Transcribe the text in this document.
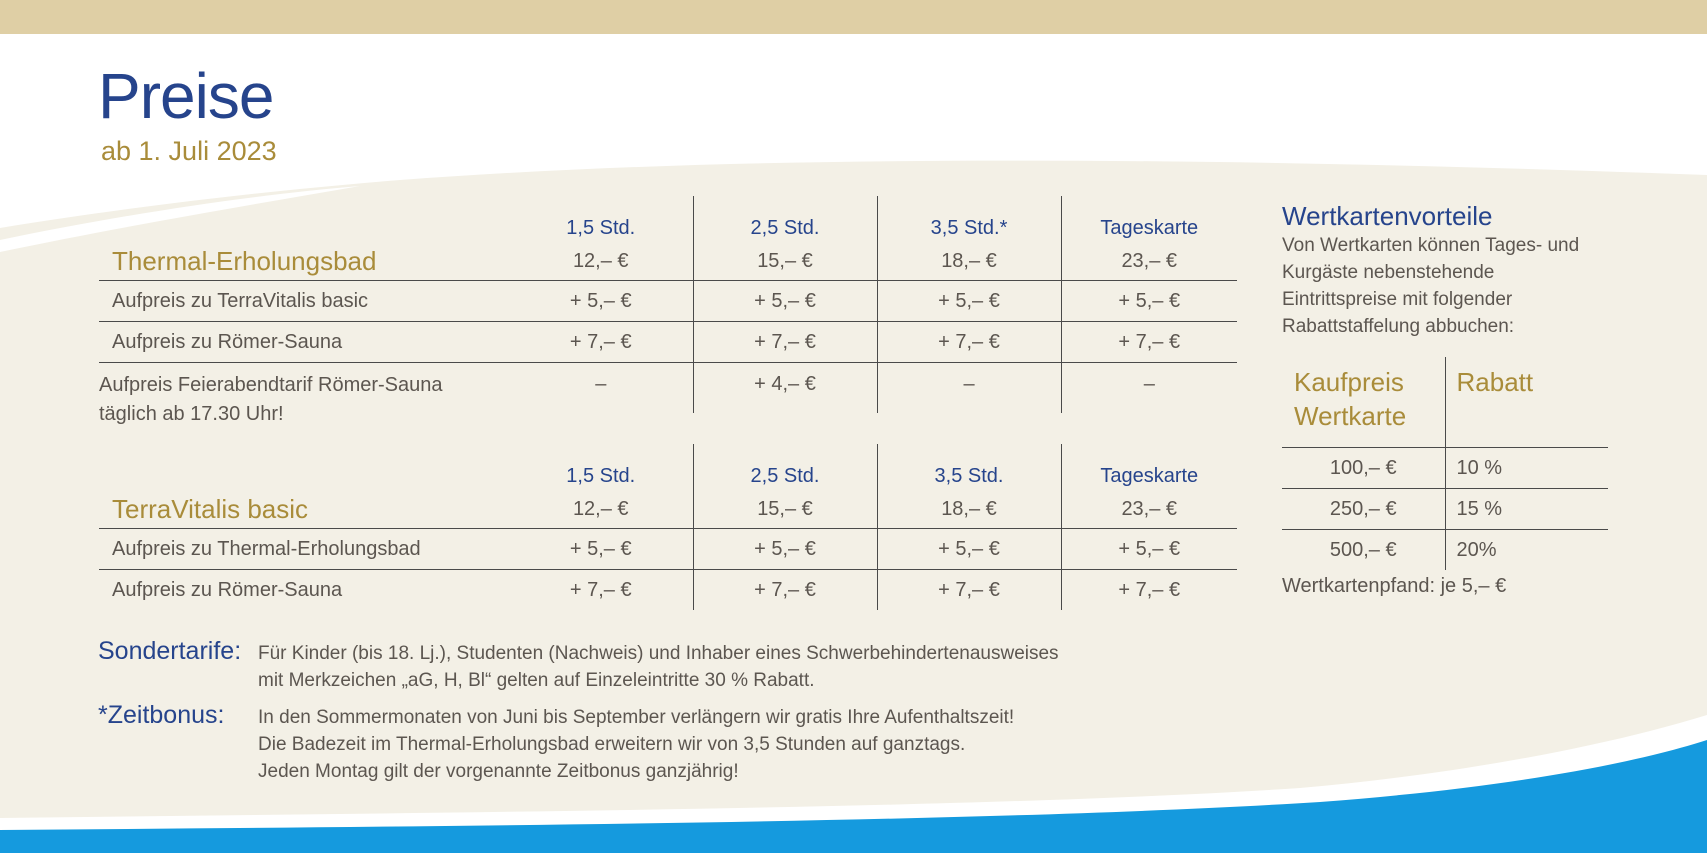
Preise
ab 1. Juli 2023
	1,5 Std.	2,5 Std.	3,5 Std.*	Tageskarte
Thermal-Erholungsbad	12,– €	15,– €	18,– €	23,– €
Aufpreis zu TerraVitalis basic	+ 5,– €	+ 5,– €	+ 5,– €	+ 5,– €
Aufpreis zu Römer-Sauna	+ 7,– €	+ 7,– €	+ 7,– €	+ 7,– €

Aufpreis Feierabendtarif Römer-Sauna
täglich ab 17.30 Uhr!	–	+ 4,– €	–	–

	1,5 Std.	2,5 Std.	3,5 Std.	Tageskarte
TerraVitalis basic	12,– €	15,– €	18,– €	23,– €
Aufpreis zu Thermal-Erholungsbad	+ 5,– €	+ 5,– €	+ 5,– €	+ 5,– €
Aufpreis zu Römer-Sauna	+ 7,– €	+ 7,– €	+ 7,– €	+ 7,– €
Wertkartenvorteile
Von Wertkarten können Tages- und Kurgäste nebenstehende Eintrittspreise mit folgender Rabattstaffelung abbuchen:
Kaufpreis
Wertkarte	Rabatt
100,– €	10 %
250,– €	15 %
500,– €	20%
Wertkartenpfand: je 5,– €
Sondertarife: Für Kinder (bis 18. Lj.), Studenten (Nachweis) und Inhaber eines Schwerbehindertenausweises
mit Merkzeichen „aG, H, Bl“ gelten auf Einzeleintritte 30 % Rabatt.
*Zeitbonus: In den Sommermonaten von Juni bis September verlängern wir gratis Ihre Aufenthaltszeit!
Die Badezeit im Thermal-Erholungsbad erweitern wir von 3,5 Stunden auf ganztags.
Jeden Montag gilt der vorgenannte Zeitbonus ganzjährig!
